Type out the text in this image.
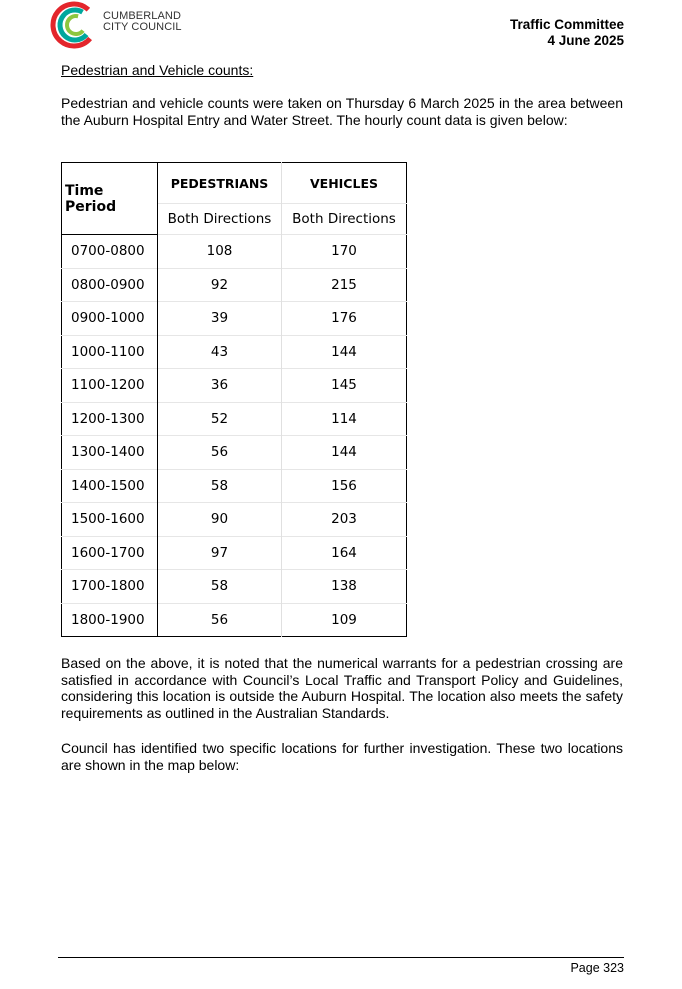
CUMBERLAND
CITY COUNCIL	Traffic Committee
4 June 2025
Pedestrian and Vehicle counts:
Pedestrian and vehicle counts were taken on Thursday 6 March 2025 in the area between the Auburn Hospital Entry and Water Street. The hourly count data is given below:
Time Period	PEDESTRIANS	VEHICLES
	Both Directions	Both Directions
0700-0800	108	170
0800-0900	92	215
0900-1000	39	176
1000-1100	43	144
1100-1200	36	145
1200-1300	52	114
1300-1400	56	144
1400-1500	58	156
1500-1600	90	203
1600-1700	97	164
1700-1800	58	138
1800-1900	56	109
Based on the above, it is noted that the numerical warrants for a pedestrian crossing are satisfied in accordance with Council’s Local Traffic and Transport Policy and Guidelines, considering this location is outside the Auburn Hospital. The location also meets the safety requirements as outlined in the Australian Standards.
Council has identified two specific locations for further investigation. These two locations are shown in the map below:
Page 323
